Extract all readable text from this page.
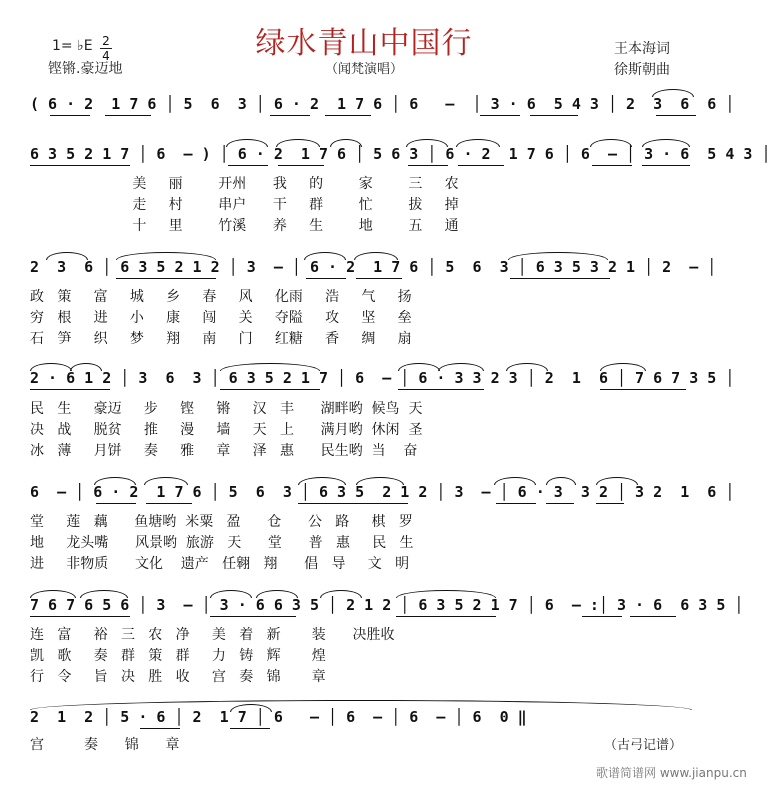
1= ♭E 2
4
铿锵.豪迈地
绿水青山中国行
（闻梵演唱）
王本海词
徐斯朝曲
( 6 · 2  1 7 6 │ 5  6  3 │ 6 · 2  1 7 6 │ 6   –  │ 3 · 6  5 4 3 │ 2  3  6  6 │
6 3 5 2 1 7 │ 6  – ) │ 6 · 2  1 7 6 │ 5 6 3 │ 6 · 2  1 7 6 │ 6  – │ 3 · 6  5 4 3 │
美     丽        开州      我     的        家        三     农
走     村        串户      干     群        忙        拔     掉
十     里        竹溪      养     生        地        五     通
2  3  6 │ 6 3 5 2 1 2 │ 3  – │ 6 · 2  1 7 6 │ 5  6  3 │ 6 3 5 3 2 1 │ 2  – │
政   策     富     城     乡     春     风     化雨     浩     气     扬
穷   根     进     小     康     闯     关     夺隘     攻     坚     垒
石   笋     织     梦     翔     南     门     红糖     香     绸     扇
2 · 6 1 2 │ 3  6  3 │ 6 3 5 2 1 7 │ 6  – │ 6 · 3 3 2 3 │ 2  1  6 │ 7 6 7 3 5 │
民   生     豪迈     步     铿     锵     汉   丰      湖畔哟  候鸟  天
决   战     脱贫     推     漫     墙     天   上      满月哟  休闲  圣
冰   薄     月饼     奏     雅     章     泽   惠      民生哟  当    奋
6  – │ 6 · 2  1 7 6 │ 5  6  3 │ 6 3 5  2 1 2 │ 3  – │ 6 · 3  3 2 │ 3 2  1  6 │
堂     莲   藕      鱼塘哟  米粟   盈      仓      公   路     棋   罗
地     龙头嘴      风景哟  旅游   天      堂      普   惠     民   生
进     非物质      文化    遗产   任翱   翔      倡   导     文   明
7 6 7 6 5 6 │ 3  – │ 3 · 6 6 3 5 │ 2 1 2 │ 6 3 5 2 1 7 │ 6  – :│ 3 · 6  6 3 5 │
连   富     裕   三   农   净     美   着   新       装      决胜收
凯   歌     奏   群   策   群     力   铸   辉       煌
行   令     旨   决   胜   收     宫   奏   锦       章
2  1  2 │ 5 · 6 │ 2  1 7 │ 6   – │ 6  – │ 6  – │ 6  0 ‖
宫         奏      锦      章	（古弓记谱）
歌谱简谱网 www.jianpu.cn
